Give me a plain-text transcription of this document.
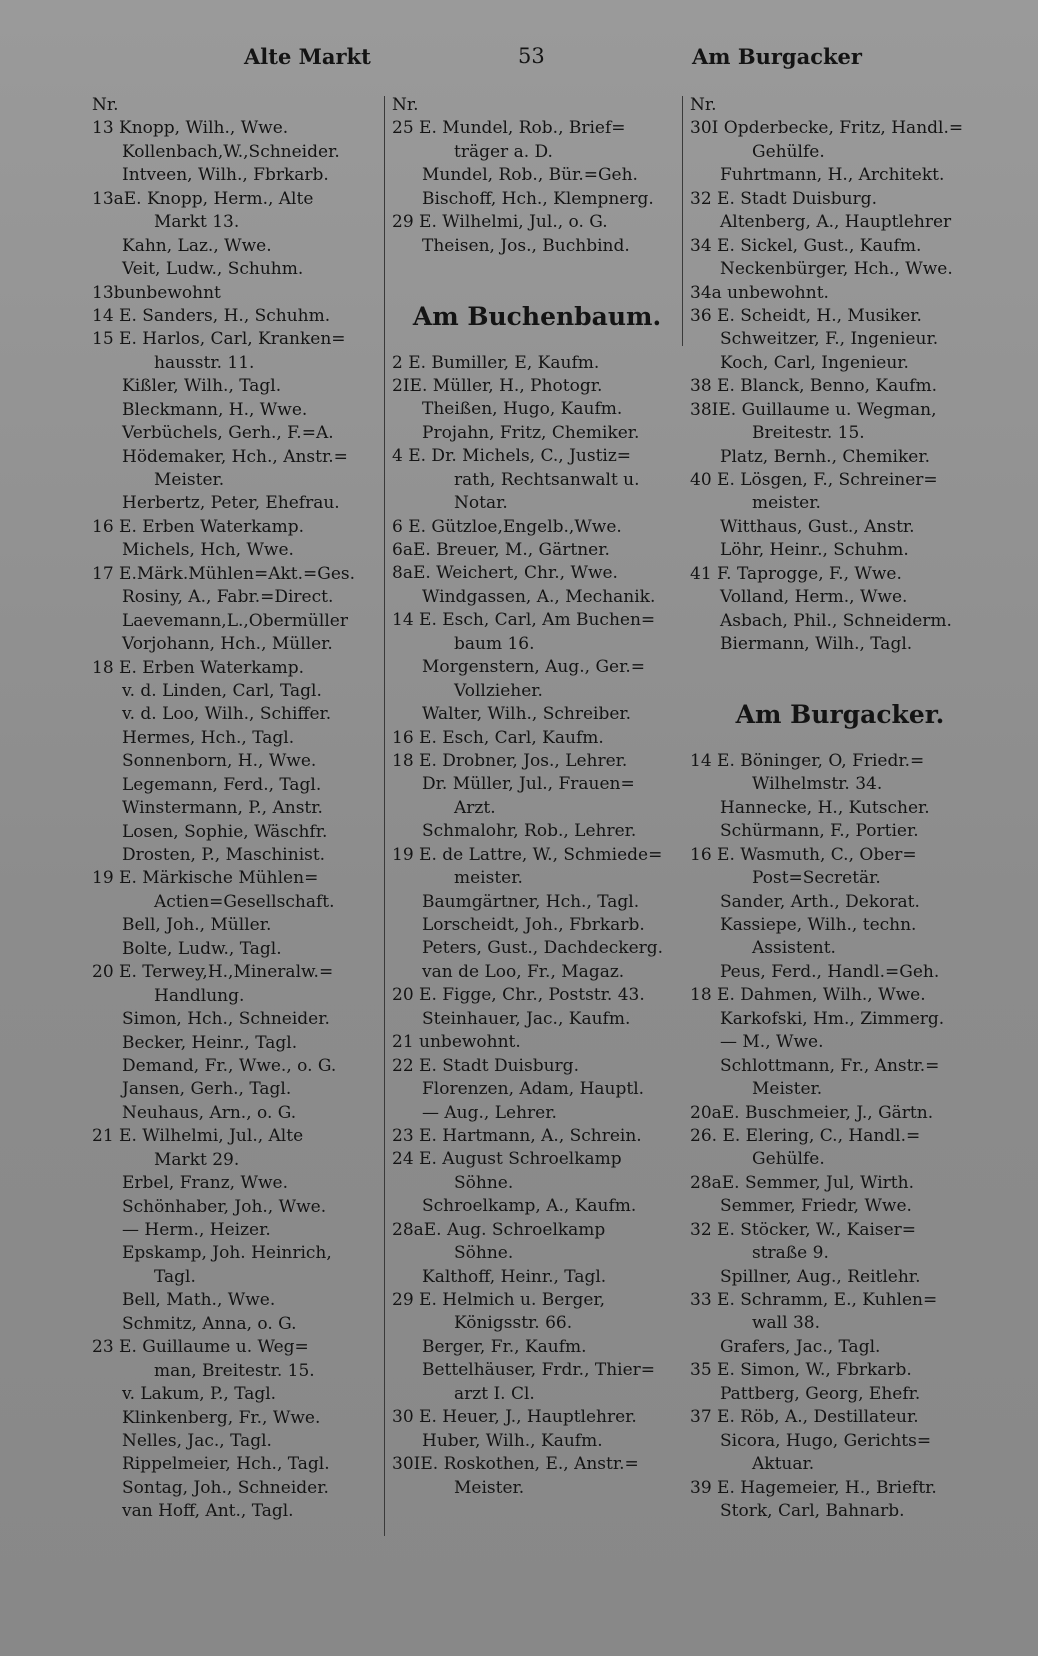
Alte Markt	53	Am Burgacker
Nr.
13 Knopp, Wilh., Wwe.
Kollenbach,W.,Schneider.
Intveen, Wilh., Fbrkarb.
13aE. Knopp, Herm., Alte
Markt 13.
Kahn, Laz., Wwe.
Veit, Ludw., Schuhm.
13bunbewohnt
14 E. Sanders, H., Schuhm.
15 E. Harlos, Carl, Kranken=
hausstr. 11.
Kißler, Wilh., Tagl.
Bleckmann, H., Wwe.
Verbüchels, Gerh., F.=A.
Hödemaker, Hch., Anstr.=
Meister.
Herbertz, Peter, Ehefrau.
16 E. Erben Waterkamp.
Michels, Hch, Wwe.
17 E.Märk.Mühlen=Akt.=Ges.
Rosiny, A., Fabr.=Direct.
Laevemann,L.,Obermüller
Vorjohann, Hch., Müller.
18 E. Erben Waterkamp.
v. d. Linden, Carl, Tagl.
v. d. Loo, Wilh., Schiffer.
Hermes, Hch., Tagl.
Sonnenborn, H., Wwe.
Legemann, Ferd., Tagl.
Winstermann, P., Anstr.
Losen, Sophie, Wäschfr.
Drosten, P., Maschinist.
19 E. Märkische Mühlen=
Actien=Gesellschaft.
Bell, Joh., Müller.
Bolte, Ludw., Tagl.
20 E. Terwey,H.,Mineralw.=
Handlung.
Simon, Hch., Schneider.
Becker, Heinr., Tagl.
Demand, Fr., Wwe., o. G.
Jansen, Gerh., Tagl.
Neuhaus, Arn., o. G.
21 E. Wilhelmi, Jul., Alte
Markt 29.
Erbel, Franz, Wwe.
Schönhaber, Joh., Wwe.
— Herm., Heizer.
Epskamp, Joh. Heinrich,
Tagl.
Bell, Math., Wwe.
Schmitz, Anna, o. G.
23 E. Guillaume u. Weg=
man, Breitestr. 15.
v. Lakum, P., Tagl.
Klinkenberg, Fr., Wwe.
Nelles, Jac., Tagl.
Rippelmeier, Hch., Tagl.
Sontag, Joh., Schneider.
van Hoff, Ant., Tagl.
Nr.
25 E. Mundel, Rob., Brief=
träger a. D.
Mundel, Rob., Bür.=Geh.
Bischoff, Hch., Klempnerg.
29 E. Wilhelmi, Jul., o. G.
Theisen, Jos., Buchbind.
Am Buchenbaum.
2 E. Bumiller, E, Kaufm.
2IE. Müller, H., Photogr.
Theißen, Hugo, Kaufm.
Projahn, Fritz, Chemiker.
4 E. Dr. Michels, C., Justiz=
rath, Rechtsanwalt u.
Notar.
6 E. Gützloe,Engelb.,Wwe.
6aE. Breuer, M., Gärtner.
8aE. Weichert, Chr., Wwe.
Windgassen, A., Mechanik.
14 E. Esch, Carl, Am Buchen=
baum 16.
Morgenstern, Aug., Ger.=
Vollzieher.
Walter, Wilh., Schreiber.
16 E. Esch, Carl, Kaufm.
18 E. Drobner, Jos., Lehrer.
Dr. Müller, Jul., Frauen=
Arzt.
Schmalohr, Rob., Lehrer.
19 E. de Lattre, W., Schmiede=
meister.
Baumgärtner, Hch., Tagl.
Lorscheidt, Joh., Fbrkarb.
Peters, Gust., Dachdeckerg.
van de Loo, Fr., Magaz.
20 E. Figge, Chr., Poststr. 43.
Steinhauer, Jac., Kaufm.
21 unbewohnt.
22 E. Stadt Duisburg.
Florenzen, Adam, Hauptl.
— Aug., Lehrer.
23 E. Hartmann, A., Schrein.
24 E. August Schroelkamp
Söhne.
Schroelkamp, A., Kaufm.
28aE. Aug. Schroelkamp
Söhne.
Kalthoff, Heinr., Tagl.
29 E. Helmich u. Berger,
Königsstr. 66.
Berger, Fr., Kaufm.
Bettelhäuser, Frdr., Thier=
arzt I. Cl.
30 E. Heuer, J., Hauptlehrer.
Huber, Wilh., Kaufm.
30IE. Roskothen, E., Anstr.=
Meister.
Nr.
30I Opderbecke, Fritz, Handl.=
Gehülfe.
Fuhrtmann, H., Architekt.
32 E. Stadt Duisburg.
Altenberg, A., Hauptlehrer
34 E. Sickel, Gust., Kaufm.
Neckenbürger, Hch., Wwe.
34a unbewohnt.
36 E. Scheidt, H., Musiker.
Schweitzer, F., Ingenieur.
Koch, Carl, Ingenieur.
38 E. Blanck, Benno, Kaufm.
38IE. Guillaume u. Wegman,
Breitestr. 15.
Platz, Bernh., Chemiker.
40 E. Lösgen, F., Schreiner=
meister.
Witthaus, Gust., Anstr.
Löhr, Heinr., Schuhm.
41 F. Taprogge, F., Wwe.
Volland, Herm., Wwe.
Asbach, Phil., Schneiderm.
Biermann, Wilh., Tagl.
Am Burgacker.
14 E. Böninger, O, Friedr.=
Wilhelmstr. 34.
Hannecke, H., Kutscher.
Schürmann, F., Portier.
16 E. Wasmuth, C., Ober=
Post=Secretär.
Sander, Arth., Dekorat.
Kassiepe, Wilh., techn.
Assistent.
Peus, Ferd., Handl.=Geh.
18 E. Dahmen, Wilh., Wwe.
Karkofski, Hm., Zimmerg.
— M., Wwe.
Schlottmann, Fr., Anstr.=
Meister.
20aE. Buschmeier, J., Gärtn.
26. E. Elering, C., Handl.=
Gehülfe.
28aE. Semmer, Jul, Wirth.
Semmer, Friedr, Wwe.
32 E. Stöcker, W., Kaiser=
straße 9.
Spillner, Aug., Reitlehr.
33 E. Schramm, E., Kuhlen=
wall 38.
Grafers, Jac., Tagl.
35 E. Simon, W., Fbrkarb.
Pattberg, Georg, Ehefr.
37 E. Röb, A., Destillateur.
Sicora, Hugo, Gerichts=
Aktuar.
39 E. Hagemeier, H., Brieftr.
Stork, Carl, Bahnarb.
